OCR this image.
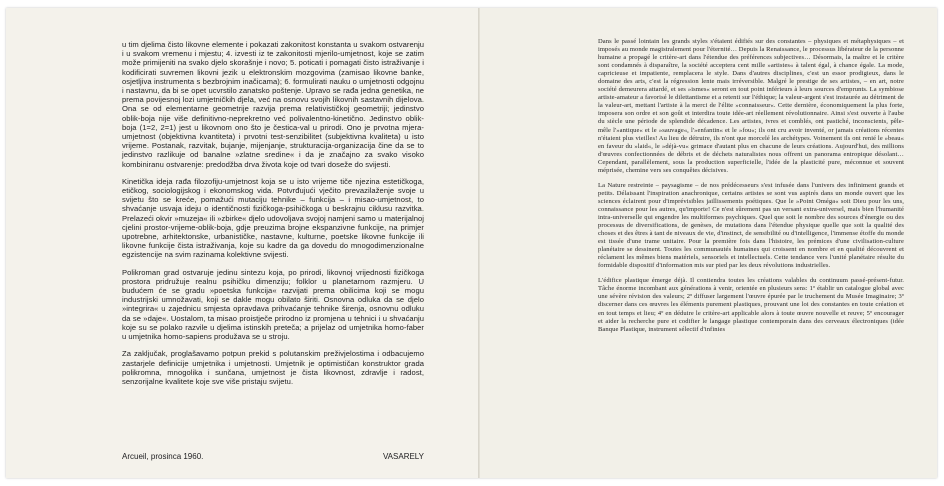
u tim djelima čisto likovne elemente i pokazati zakonitost konstanta u svakom ostvarenju i u svakom vremenu i mjestu; 4. izvesti iz te zakonitosti mjerilo-umjetnost, koje se zatim može primijeniti na svako djelo skorašnje i novo; 5. poticati i pomagati čisto istraživanje i kodificirati suvremen likovni jezik u elektronskim mozgovima (zamisao likovne banke, osjetljiva instrumenta s bezbrojnim inačicama); 6. formulirati nauku o umjetnosti odgojnu i nastavnu, da bi se opet ucvrstilo zanatsko poštenje. Upravo se rađa jedna genetika, ne prema povijesnoj lozi umjetničkih djela, već na osnovu svojih likovnih sastavnih dijelova. Ona se od elementarne geometrije razvija prema relativističkoj geometriji; jedinstvo oblik-boja nije više definitivno-neprekretno već polivalentno-kinetično. Jedinstvo oblik-boja (1=2, 2=1) jest u likovnom ono što je čestica-val u prirodi. Ono je prvotna mjera-umjetnost (objektivna kvantiteta) i prvotni test-senzibilitet (subjektivna kvaliteta) u isto vrijeme. Postanak, razvitak, bujanje, mijenjanje, strukturacija-organizacija čine da se to jedinstvo razlikuje od banalne »zlatne sredine« i da je značajno za svako visoko kombiniranu ostvarenje: predodžba drva života koje od tvari doseže do svijesti.

Kinetička ideja rađa filozofiju-umjetnost koja se u isto vrijeme tiče njezina estetičkoga, etičkog, sociologijskog i ekonomskog vida. Potvrđujući vječito prevazilaženje svoje u svijetu što se kreće, pomažući mutaciju tehnike – funkcija – i misao-umjetnost, to shvaćanje usvaja ideju o identičnosti fizičkoga-psihičkoga u beskrajnu ciklusu razvitka. Prelazeći okvir »muzeja« ili »zbirke« djelo udovoljava svojoj namjeni samo u materijalnoj cjelini prostor-vrijeme-oblik-boja, gdje preuzima brojne ekspanzivne funkcije, na primjer upotrebne, arhitektonske, urbanističke, nastavne, kulturne, poetske likovne funkcije ili likovne funkcije čista istraživanja, koje su kadre da ga dovedu do mnogodimenzionalne egzistencije na svim razinama kolektivne svijesti.

Polikroman grad ostvaruje jedinu sintezu koja, po prirodi, likovnoj vrijednosti fizičkoga prostora pridružuje realnu psihičku dimenziju; folklor u planetarnom razmjeru. U budućem će se gradu »poetska funkcija« razvijati prema obilicima koji se mogu industrijski umnožavati, koji se dakle mogu obilato širiti. Osnovna odluka da se djelo »integrira« u zajednicu smjesta opravdava prihvaćanje tehnike širenja, osnovnu odluku da se »daje«. Uostalom, ta misao proistječe prirodno iz promjena u tehnici i u shvaćanju koje su se polako razvile u djelima istinskih preteča; a prijelaz od umjetnika homo-faber u umjetnika homo-sapiens produžava se u stroju.

Za zaključak, proglašavamo potpun prekid s polutanskim preživjelostima i odbacujemo zastarjele definicije umjetnika i umjetnosti. Umjetnik je optimističan konstruktor grada polikromna, mnogolika i sunčana, umjetnost je čista likovnost, zdravlje i radost, senzorijalne kvalitete koje sve više pristaju svijetu.

Arcueil, prosinca 1960.	VASARELY

Dans le passé lointain les grands styles s'étaient édifiés sur des constantes – physiques et métaphysiques – et imposés au monde magistralement pour l'éternité… Depuis la Renaissance, le processus libérateur de la personne humaine a propagé le critère-art dans l'étendue des préférences subjectives… Désormais, la maître et le critère sont condamnés à disparaître, la société acceptera cent mille »artistes« à talent égal, à chance égale. La mode, capricieuse et impatiente, remplacera le style. Dans d'autres disciplines, c'est un essor prodigieux, dans le domaine des arts, c'est la régression lente mais irréversible. Malgré le prestige de ses artistes, – en art, notre société demeurera attardé, et ses »ismes« seront en tout point inférieurs à leurs sources d'emprunts. La symbiose artiste-amateur a favorisé le dilettantisme et a retenti sur l'éthique; la valeur-argent s'est instaurée au détriment de la valeur-art, mettant l'artiste à la merci de l'élite »connaisseur«. Cette dernière, économiquement la plus forte, imposera son ordre et son goût et interdira toute idée-art réellement révolutionnaire. Ainsi s'est ouverte à l'aube du siècle une période de splendide décadence. Les artistes, ivres et comblés, ont pastiché, inconscients, pêle-mêle l'»antique« et le »sauvage«, l'»enfantin« et le »fou«; ils ont cru avoir inventé, or jamais créations récentes n'étaient plus vieilles! Au lieu de détruire, ils n'ont que morcelé les archétypes. Voinement ils ont renié le »beau« en faveur du »laid«, le »déjà-vu« grimace d'autant plus en chacune de leurs créations. Aujourd'hui, des millions d'œuvres confectionnées de débris et de déchets naturalistes nous offrent un panorama entropique désolant… Cependant, parallèlement, sous la production superficielle, l'idée de la plasticité pure, méconnue et souvent méprisée, chemine vers ses conquêtes décisives.

La Nature restreinte – paysagisme – de nos prédécesseurs s'est infusée dans l'univers des infiniment grands et petits. Délaissant l'inspiration anachronique, certains artistes se sont vus aspirés dans un monde ouvert que les sciences éclairent pour d'imprévisibles jaillissements poétiques. Que le »Point Oméga« soit Dieu pour les uns, connaissance pour les autres, qu'importe! Ce n'est sûrement pas un versant extra-universel, mais bien l'humanité intra-universelle qui engendre les multiformes psychiques. Quel que soit le nombre des sources d'énergie ou des processus de diversifications, de genèses, de mutations dans l'étendue physique quelle que soit la qualité des choses et des êtres à tant de niveaux de vie, d'instinct, de sensibilité ou d'intelligence, l'immense étoffe du monde est tissée d'une trame unitaire. Pour la première fois dans l'histoire, les prémices d'une civilisation-culture planétaire se dessinent. Toutes les communautés humaines qui croissent en nombre et en qualité découvrent et réclament les mêmes biens matériels, sensoriels et intellectuels. Cette tendance vers l'unité planétaire résulte du formidable dispositif d'information mis sur pied par les deux révolutions industrielles.

L'édifice plastique émerge déjà. Il contiendra toutes les créations valables du continuum passé-présent-futur. Tâche énorme incombant aux générations à venir, orientée en plusieurs sens: 1º établir un catalogue global avec une sévère révision des valeurs; 2º diffuser largement l'œuvre épurée par le truchement du Musée Imaginaire; 3º discerner dans ces œuvres les éléments purement plastiques, prouvant une loi des constantes en toute création et en tout temps et lieu; 4º en déduire le critère-art applicable alors à toute œuvre nouvelle et reuve; 5º encourager et aider la recherche pure et codifier le langage plastique contemporain dans des cerveaux électroniques (idée Banque Plastique, instrument sélectif d'infinies
